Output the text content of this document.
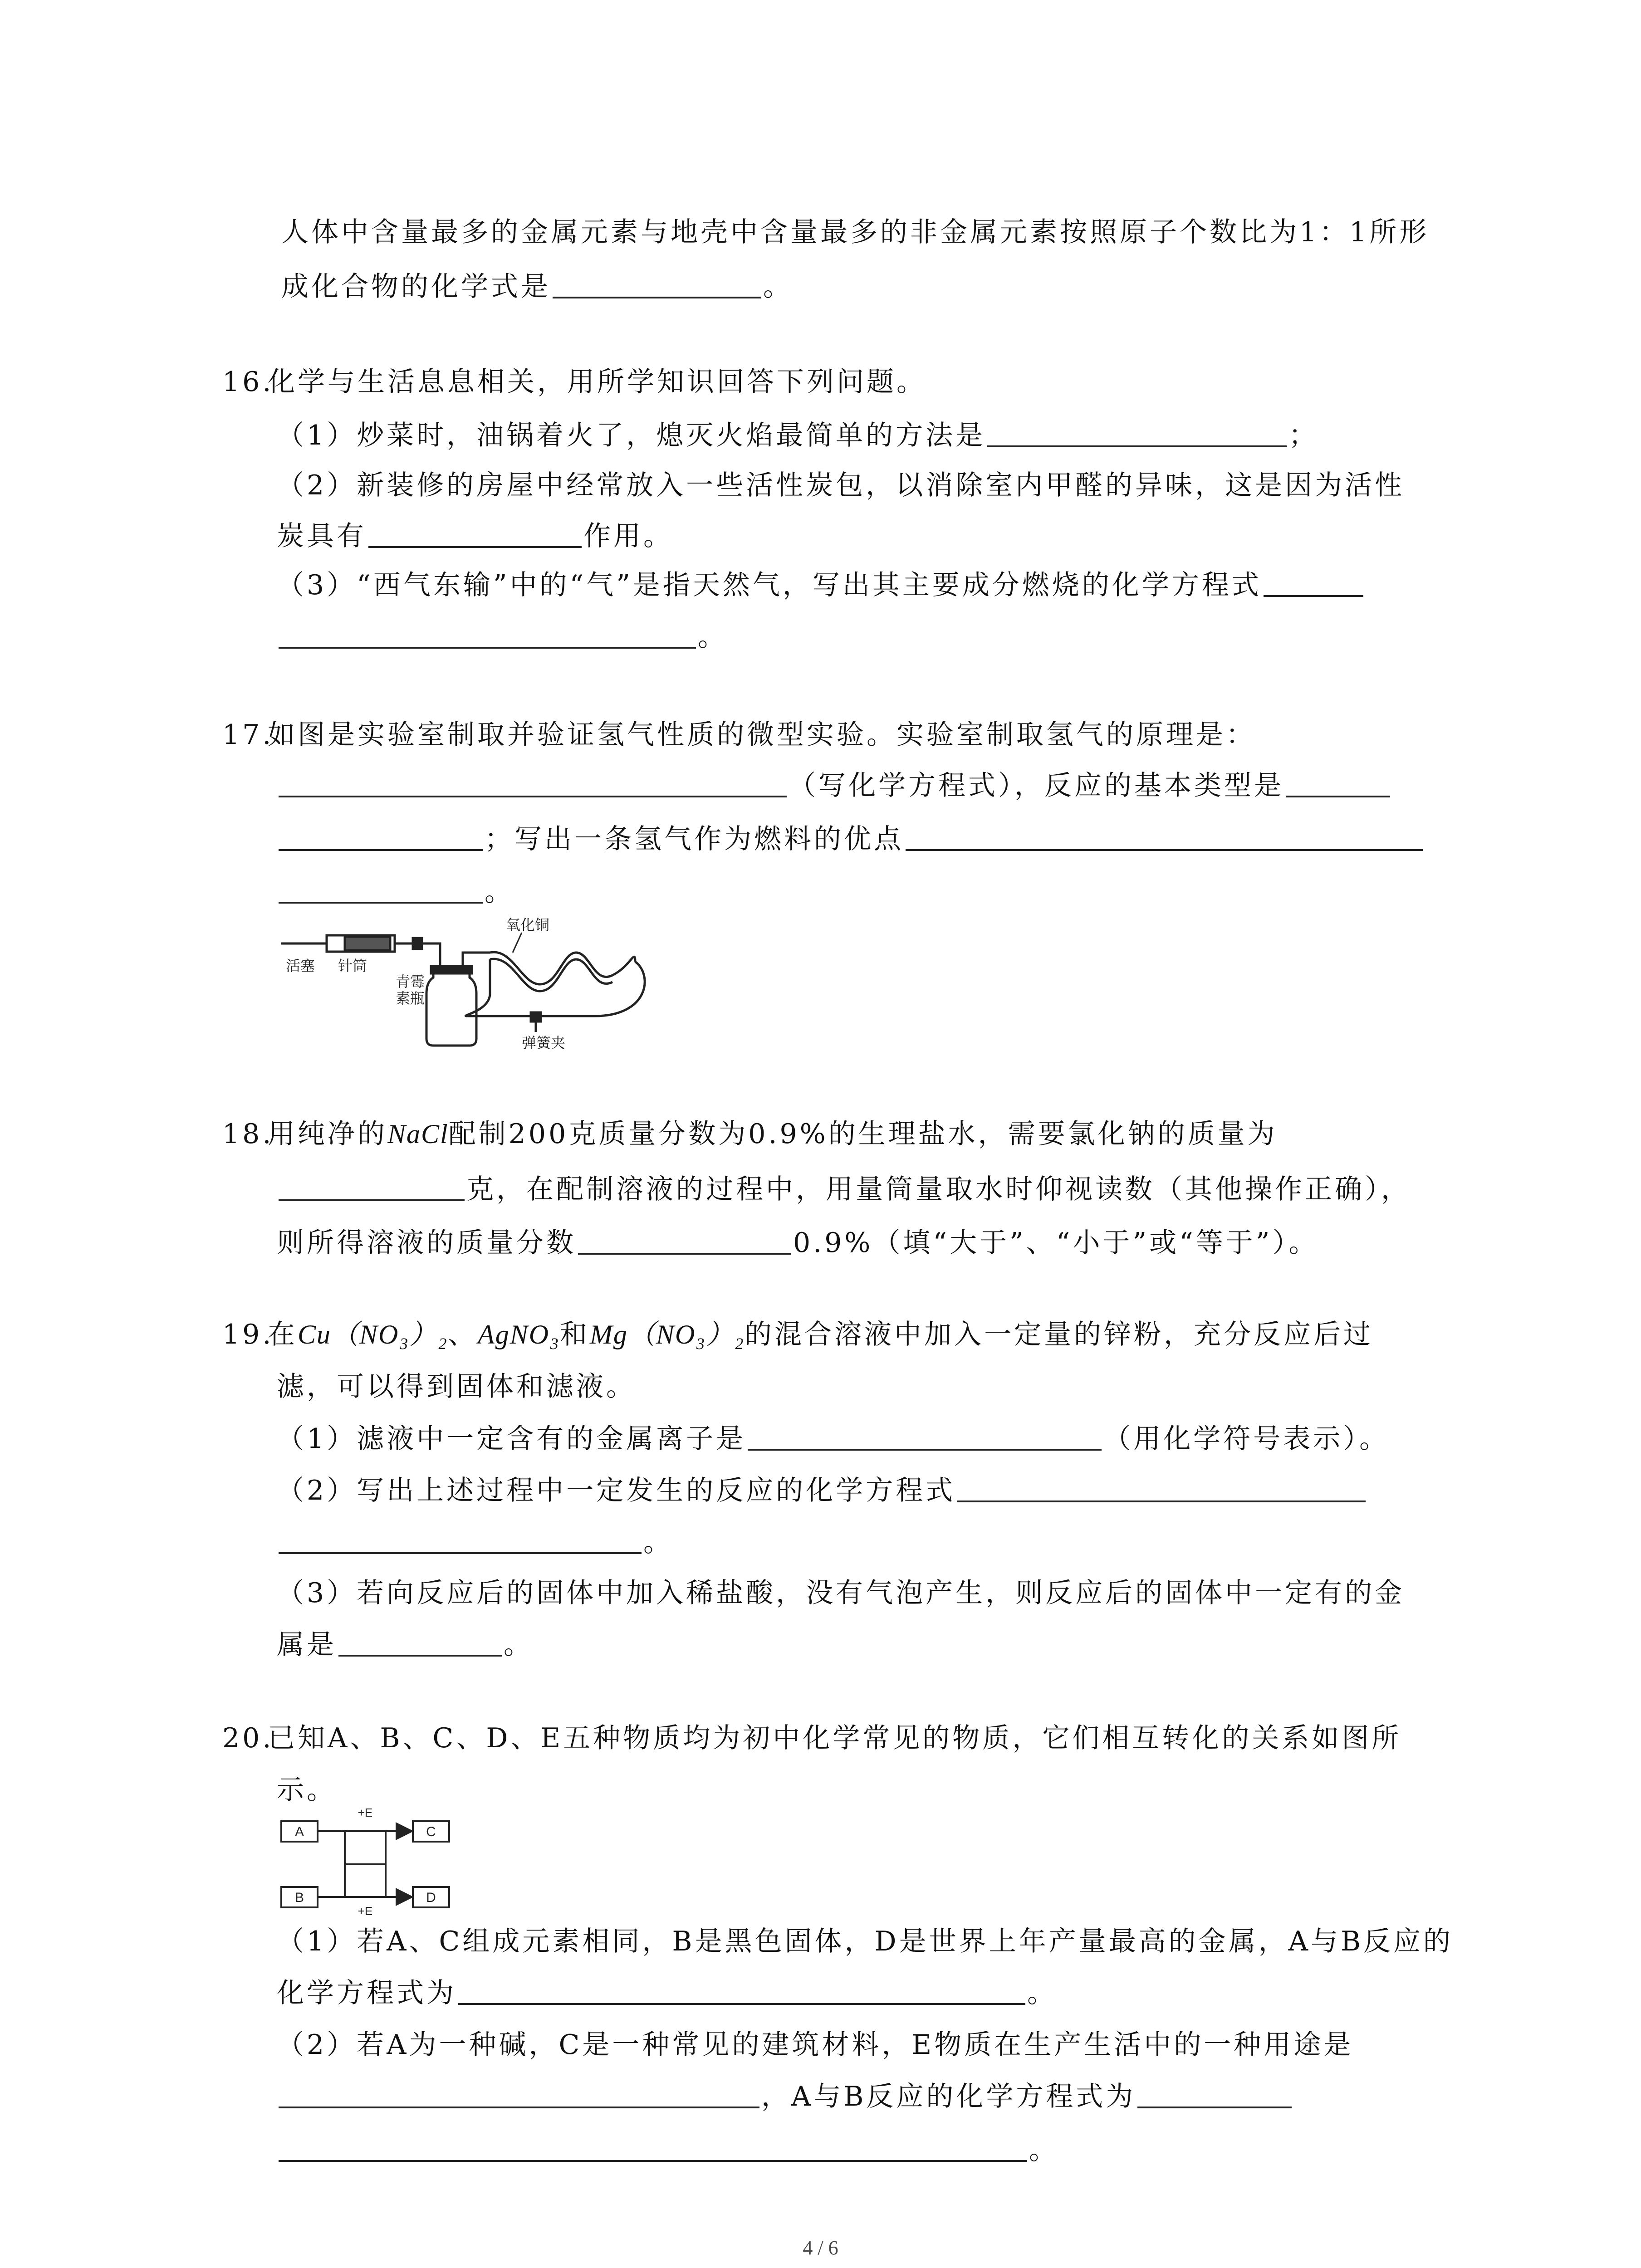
人体中含量最多的金属元素与地壳中含量最多的非金属元素按照原子个数比为1：1所形
成化合物的化学式是	。
16.化学与生活息息相关，用所学知识回答下列问题。
（1）炒菜时，油锅着火了，熄灭火焰最简单的方法是	；
（2）新装修的房屋中经常放入一些活性炭包，以消除室内甲醛的异味，这是因为活性
炭具有	作用。
（3）“西气东输”中的“气”是指天然气，写出其主要成分燃烧的化学方程式
。
17.如图是实验室制取并验证氢气性质的微型实验。实验室制取氢气的原理是：
（写化学方程式），反应的基本类型是
；写出一条氢气作为燃料的优点
。
活塞 针筒
青霉
素瓶
氧化铜
弹簧夹
18.用纯净的NaCl配制200克质量分数为0.9%的生理盐水，需要氯化钠的质量为
克，在配制溶液的过程中，用量筒量取水时仰视读数（其他操作正确），
则所得溶液的质量分数	0.9%（填“大于”、“小于”或“等于”）。
19.在Cu（NO₃）₂、AgNO₃和Mg（NO₃）₂的混合溶液中加入一定量的锌粉，充分反应后过
滤，可以得到固体和滤液。
（1）滤液中一定含有的金属离子是	（用化学符号表示）。
（2）写出上述过程中一定发生的反应的化学方程式
。
（3）若向反应后的固体中加入稀盐酸，没有气泡产生，则反应后的固体中一定有的金
属是	。
20.已知A、B、C、D、E五种物质均为初中化学常见的物质，它们相互转化的关系如图所
示。
A	C
B	D
+E
+E
（1）若A、C组成元素相同，B是黑色固体，D是世界上年产量最高的金属，A与B反应的
化学方程式为	。
（2）若A为一种碱，C是一种常见的建筑材料，E物质在生产生活中的一种用途是
，A与B反应的化学方程式为
。
4 / 6
